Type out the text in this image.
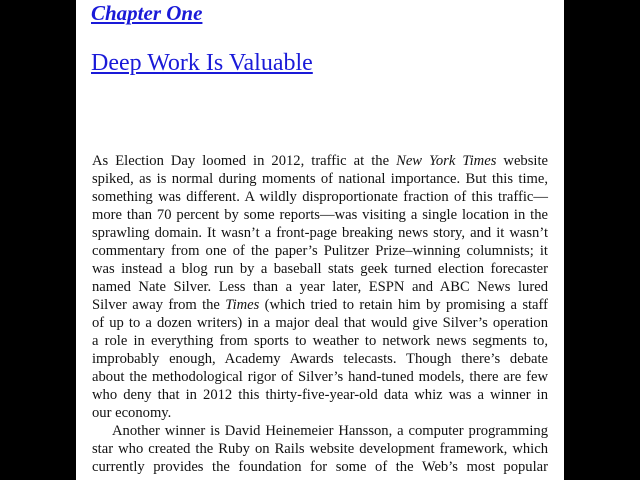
Chapter One
Deep Work Is Valuable

As Election Day loomed in 2012, traffic at the New York Times website
spiked, as is normal during moments of national importance. But this time,
something was different. A wildly disproportionate fraction of this traffic—
more than 70 percent by some reports—was visiting a single location in the
sprawling domain. It wasn’t a front-page breaking news story, and it wasn’t
commentary from one of the paper’s Pulitzer Prize–winning columnists; it
was instead a blog run by a baseball stats geek turned election forecaster
named Nate Silver. Less than a year later, ESPN and ABC News lured
Silver away from the Times (which tried to retain him by promising a staff
of up to a dozen writers) in a major deal that would give Silver’s operation
a role in everything from sports to weather to network news segments to,
improbably enough, Academy Awards telecasts. Though there’s debate
about the methodological rigor of Silver’s hand-tuned models, there are few
who deny that in 2012 this thirty-five-year-old data whiz was a winner in
our economy.

Another winner is David Heinemeier Hansson, a computer programming
star who created the Ruby on Rails website development framework, which
currently provides the foundation for some of the Web’s most popular
